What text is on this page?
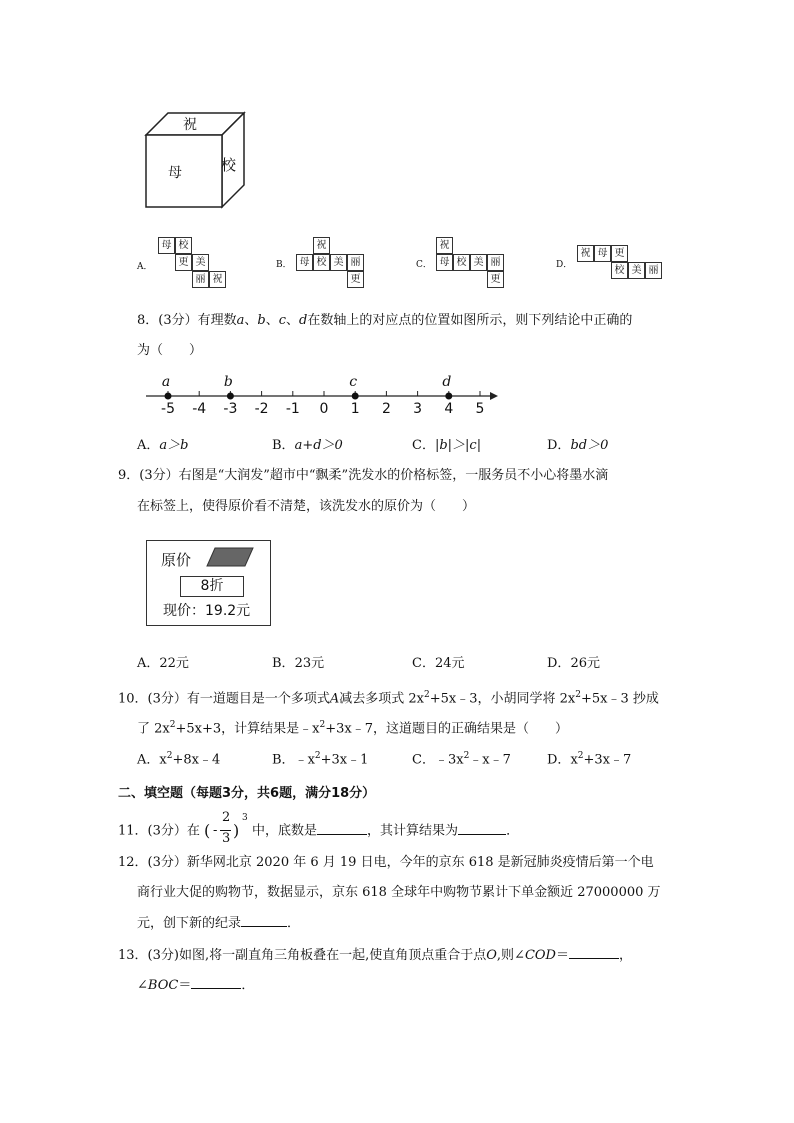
祝
母	校
A．
母 校
更 美
丽 祝
B．
祝
母 校 美 丽
更
C．
祝
母 校 美 丽
更
D．
祝 母 更
校 美 丽
8．(3分）有理数a、b、c、d在数轴上的对应点的位置如图所示，则下列结论中正确的
为（　　）
-5 -4 -3 -2 -1 0 1 2 3 4 5
a	b	c	d
A．a＞b	B．a+d＞0	C．|b|＞|c|	D．bd＞0
9．(3分）右图是“大润发”超市中“飘柔”洗发水的价格标签，一服务员不小心将墨水滴
在标签上，使得原价看不清楚，该洗发水的原价为（　　）
原价
8折
现价：19.2元
A．22元	B．23元	C．24元	D．26元
10．(3分）有一道题目是一个多项式A减去多项式 $2x^2+5x﹣3$，小胡同学将 $2x^2+5x﹣3$ 抄成
了 $2x^2+5x+3$，计算结果是$﹣x^2+3x﹣7$，这道题目的正确结果是（　　）
A．$x^2+8x﹣4$	B．$﹣x^2+3x﹣1$	C．$﹣3x^2﹣x﹣7$	D．$x^2+3x﹣7$
二、填空题（每题3分，共6题，满分18分）
11．(3分）在 ( -
2
3 )
3
中，底数是	，其计算结果为	．
12．(3分）新华网北京 2020 年 6 月 19 日电，今年的京东 618 是新冠肺炎疫情后第一个电
商行业大促的购物节，数据显示，京东 618 全球年中购物节累计下单金额近 27000000 万
元，创下新的纪录	．
13．(3分)如图,将一副直角三角板叠在一起,使直角顶点重合于点O,则∠COD＝	，
∠BOC＝	．
